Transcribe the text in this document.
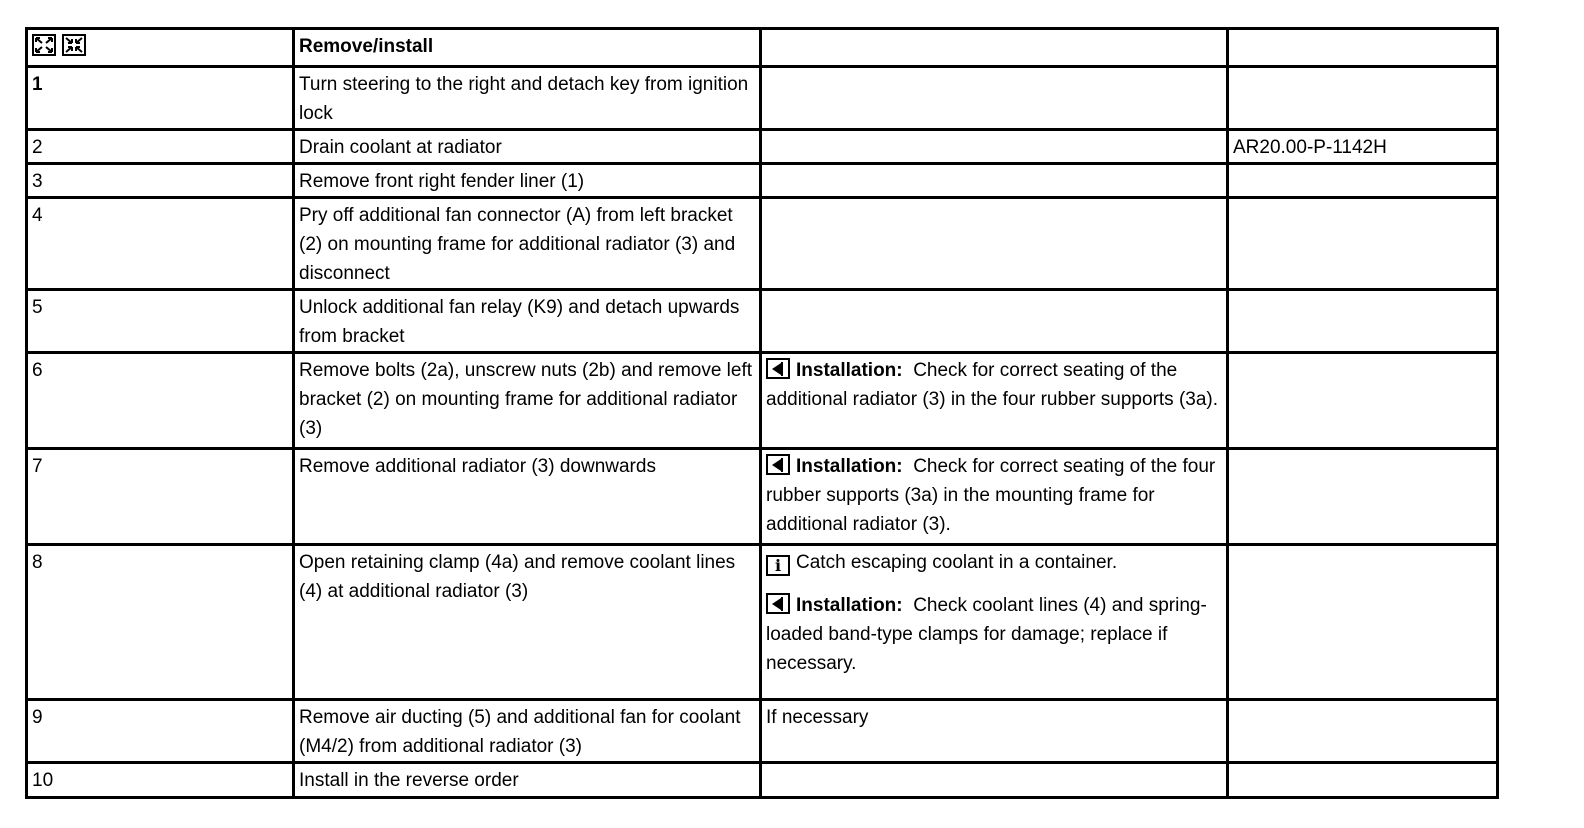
	Remove/install		
1	Turn steering to the right and detach key from ignition lock		
2	Drain coolant at radiator		AR20.00-P-1142H
3	Remove front right fender liner (1)		
4	Pry off additional fan connector (A) from left bracket (2) on mounting frame for additional radiator (3) and disconnect		
5	Unlock additional fan relay (K9) and detach upwards from bracket		
6	Remove bolts (2a), unscrew nuts (2b) and remove left bracket (2) on mounting frame for additional radiator (3)	Installation: Check for correct seating of the additional radiator (3) in the four rubber supports (3a).	
7	Remove additional radiator (3) downwards	Installation: Check for correct seating of the four rubber supports (3a) in the mounting frame for additional radiator (3).	
8	Open retaining clamp (4a) and remove coolant lines (4) at additional radiator (3)	i Catch escaping coolant in a container.
Installation: Check coolant lines (4) and spring-loaded band-type clamps for damage; replace if necessary.	

9	Remove air ducting (5) and additional fan for coolant (M4/2) from additional radiator (3)	If necessary	
10	Install in the reverse order		
